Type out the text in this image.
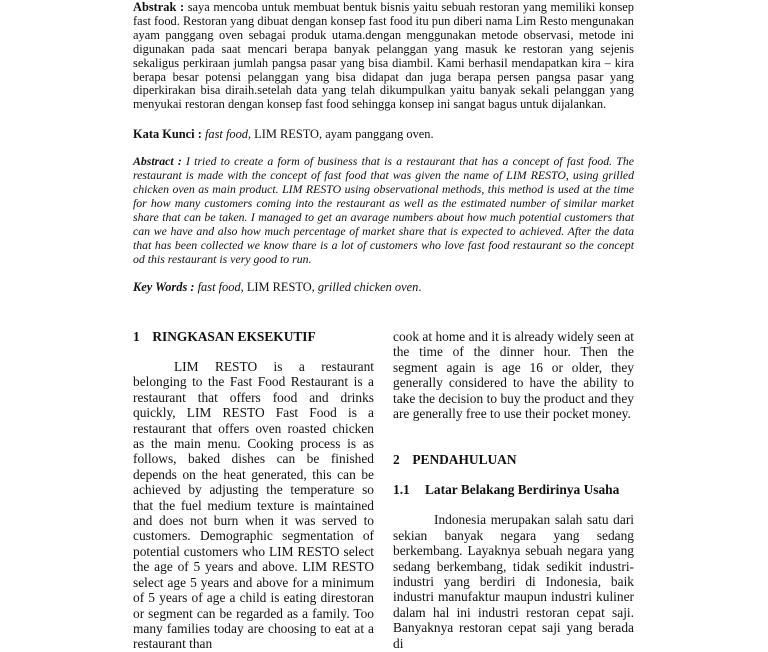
Abstrak : saya mencoba untuk membuat bentuk bisnis yaitu sebuah restoran yang memiliki konsep fast food. Restoran yang dibuat dengan konsep fast food itu pun diberi nama Lim Resto mengunakan ayam panggang oven sebagai produk utama.dengan menggunakan metode observasi, metode ini digunakan pada saat mencari berapa banyak pelanggan yang masuk ke restoran yang sejenis sekaligus perkiraan jumlah pangsa pasar yang bisa diambil. Kami berhasil mendapatkan kira – kira berapa besar potensi pelanggan yang bisa didapat dan juga berapa persen pangsa pasar yang diperkirakan bisa diraih.setelah data yang telah dikumpulkan yaitu banyak sekali pelanggan yang menyukai restoran dengan konsep fast food sehingga konsep ini sangat bagus untuk dijalankan.
Kata Kunci : fast food, LIM RESTO, ayam panggang oven.
Abstract : I tried to create a form of business that is a restaurant that has a concept of fast food. The restaurant is made with the concept of fast food that was given the name of LIM RESTO, using grilled chicken oven as main product. LIM RESTO using observational methods, this method is used at the time for how many customers coming into the restaurant as well as the estimated number of similar market share that can be taken. I managed to get an avarage numbers about how much potential customers that can we have and also how much percentage of market share that is expected to achieved. After the data that has been collected we know thare is a lot of customers who love fast food restaurant so the concept od this restaurant is very good to run.
Key Words : fast food, LIM RESTO, grilled chicken oven.
1 RINGKASAN EKSEKUTIF

LIM RESTO is a restaurant belonging to the Fast Food Restaurant is a restaurant that offers food and drinks quickly, LIM RESTO Fast Food is a restaurant that offers oven roasted chicken as the main menu. Cooking process is as follows, baked dishes can be finished depends on the heat generated, this can be achieved by adjusting the temperature so that the fuel medium texture is maintained and does not burn when it was served to customers. Demographic segmentation of potential customers who LIM RESTO select the age of 5 years and above. LIM RESTO select age 5 years and above for a minimum of 5 years of age a child is eating direstoran or segment can be regarded as a family. Too many families today are choosing to eat at a restaurant than

cook at home and it is already widely seen at the time of the dinner hour. Then the segment again is age 16 or older, they generally considered to have the ability to take the decision to buy the product and they are generally free to use their pocket money.

2 PENDAHULUAN
1.1 Latar Belakang Berdirinya Usaha

Indonesia merupakan salah satu dari sekian banyak negara yang sedang berkembang. Layaknya sebuah negara yang sedang berkembang, tidak sedikit industri-industri yang berdiri di Indonesia, baik industri manufaktur maupun industri kuliner dalam hal ini industri restoran cepat saji. Banyaknya restoran cepat saji yang berada di
